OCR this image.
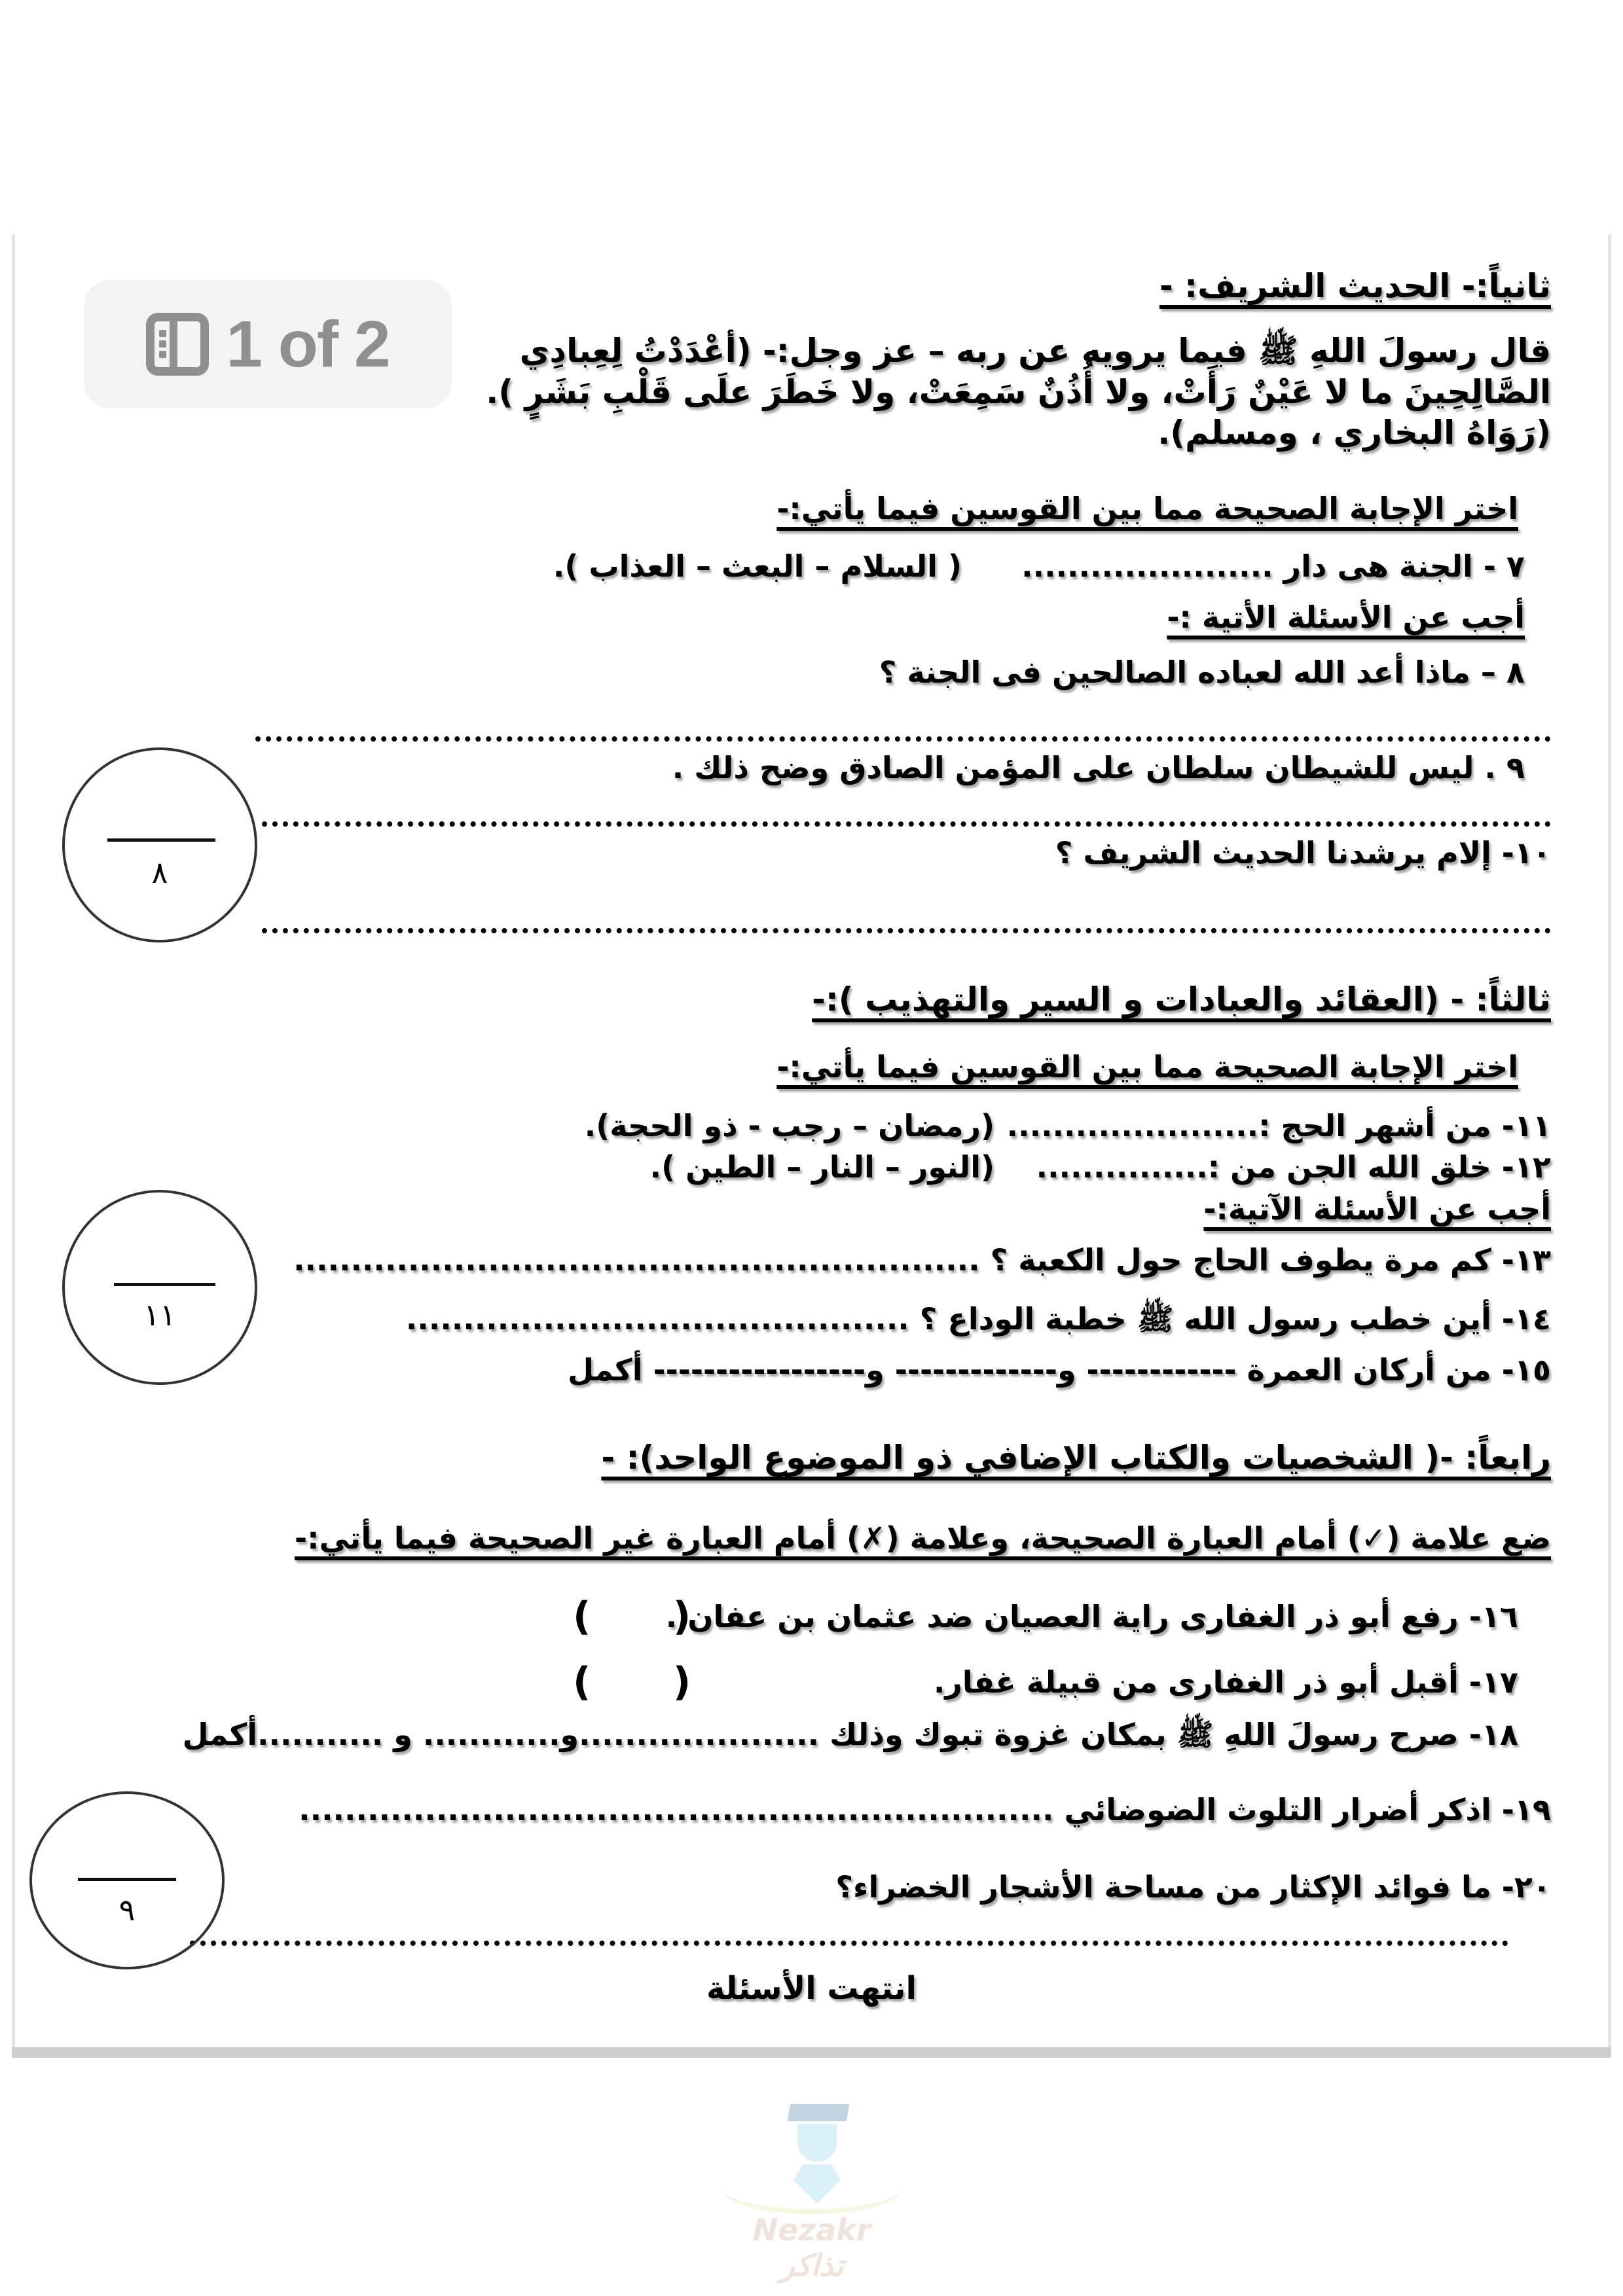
ثانياً:- الحديث الشريف: -
قال رسولَ اللهِ ﷺ فيما يرويه عن ربه – عز وجل:- (أعْدَدْتُ لِعِبادِي الصَّالِحِينَ ما لا عَيْنٌ رَأَتْ، ولا أُذُنٌ سَمِعَتْ، ولا خَطَرَ علَى قَلْبِ بَشَرٍ ). (رَوَاهُ البخاري ، ومسلم).
اختر الإجابة الصحيحة مما بين القوسين فيما يأتي:-
٧ - الجنة هى دار ......................
( السلام – البعث – العذاب ).
أجب عن الأسئلة الأتية :-
٨ – ماذا أعد الله لعباده الصالحين فى الجنة ؟
٩ . ليس للشيطان سلطان على المؤمن الصادق وضح ذلك .
١٠- إلام يرشدنا الحديث الشريف ؟
٨
ثالثاً: - (العقائد والعبادات و السير والتهذيب ):-
اختر الإجابة الصحيحة مما بين القوسين فيما يأتي:-
١١- من أشهر الحج :......................
(رمضان – رجب - ذو الحجة).
١٢- خلق الله الجن من :...............
(النور – النار – الطين ).
أجب عن الأسئلة الآتية:-
١٣- كم مرة يطوف الحاج حول الكعبة ؟ ............................................................
١٤- أين خطب رسول الله ﷺ خطبة الوداع ؟ ............................................
١٥- من أركان العمرة ------------ و------------- و----------------- أكمل
١١
رابعاً: -( الشخصيات والكتاب الإضافي ذو الموضوع الواحد): -
ضع علامة (✓) أمام العبارة الصحيحة، وعلامة (✗) أمام العبارة غير الصحيحة فيما يأتي:-
١٦- رفع أبو ذر الغفارى راية العصيان ضد عثمان بن عفان .
(      )
١٧- أقبل أبو ذر الغفارى من قبيلة غفار.
(      )
١٨- صرح رسولَ اللهِ ﷺ بمكان غزوة تبوك وذلك .....................و............ و ...........أكمل
١٩- اذكر أضرار التلوث الضوضائي ..................................................................
٢٠- ما فوائد الإكثار من مساحة الأشجار الخضراء؟
٩
انتهت الأسئلة
1 of 2
Nezakr تذاكر
